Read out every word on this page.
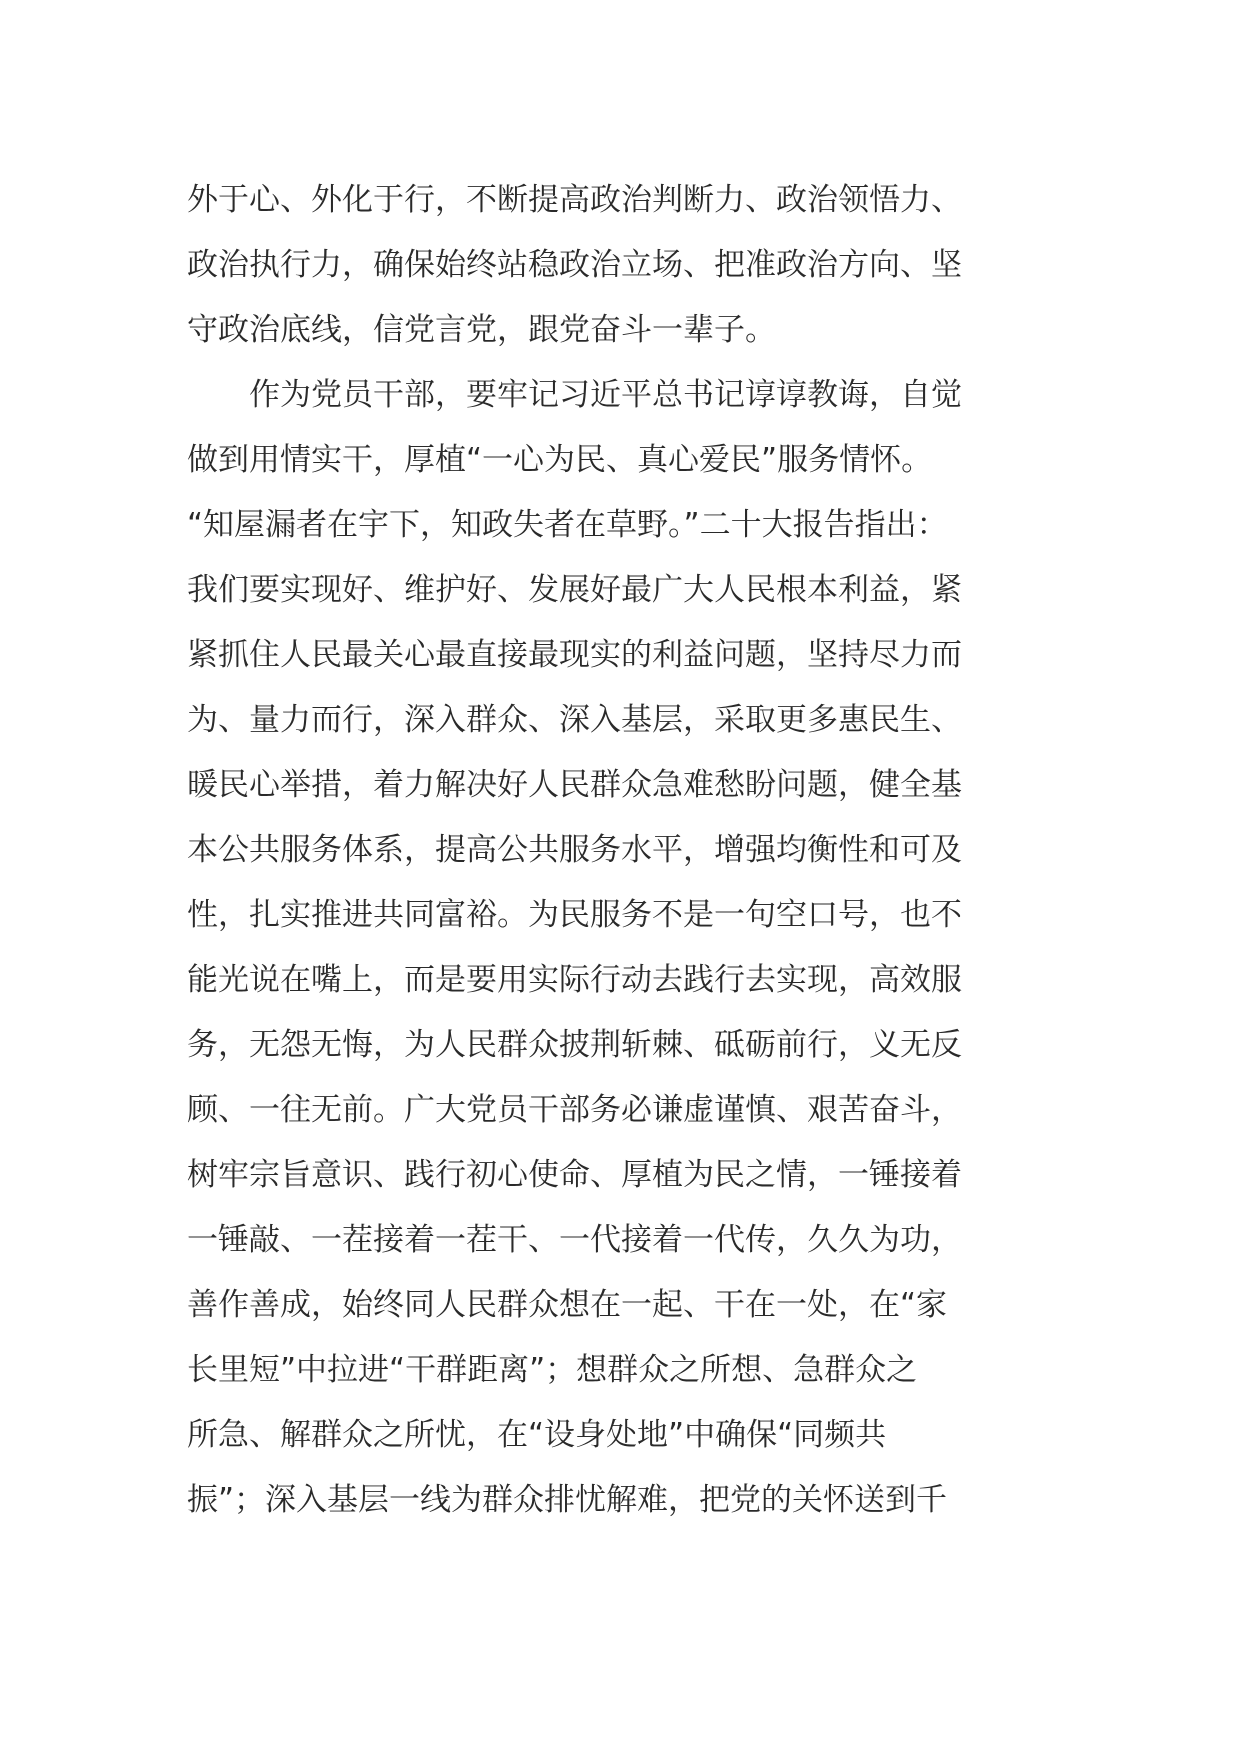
外于心、外化于行，不断提高政治判断力、政治领悟力、
政治执行力，确保始终站稳政治立场、把准政治方向、坚
守政治底线，信党言党，跟党奋斗一辈子。
　　作为党员干部，要牢记习近平总书记谆谆教诲，自觉
做到用情实干，厚植“一心为民、真心爱民”服务情怀。
“知屋漏者在宇下，知政失者在草野。”二十大报告指出：
我们要实现好、维护好、发展好最广大人民根本利益，紧
紧抓住人民最关心最直接最现实的利益问题，坚持尽力而
为、量力而行，深入群众、深入基层，采取更多惠民生、
暖民心举措，着力解决好人民群众急难愁盼问题，健全基
本公共服务体系，提高公共服务水平，增强均衡性和可及
性，扎实推进共同富裕。为民服务不是一句空口号，也不
能光说在嘴上，而是要用实际行动去践行去实现，高效服
务，无怨无悔，为人民群众披荆斩棘、砥砺前行，义无反
顾、一往无前。广大党员干部务必谦虚谨慎、艰苦奋斗，
树牢宗旨意识、践行初心使命、厚植为民之情，一锤接着
一锤敲、一茬接着一茬干、一代接着一代传，久久为功，
善作善成，始终同人民群众想在一起、干在一处，在“家
长里短”中拉进“干群距离”；想群众之所想、急群众之
所急、解群众之所忧，在“设身处地”中确保“同频共
振”；深入基层一线为群众排忧解难，把党的关怀送到千
